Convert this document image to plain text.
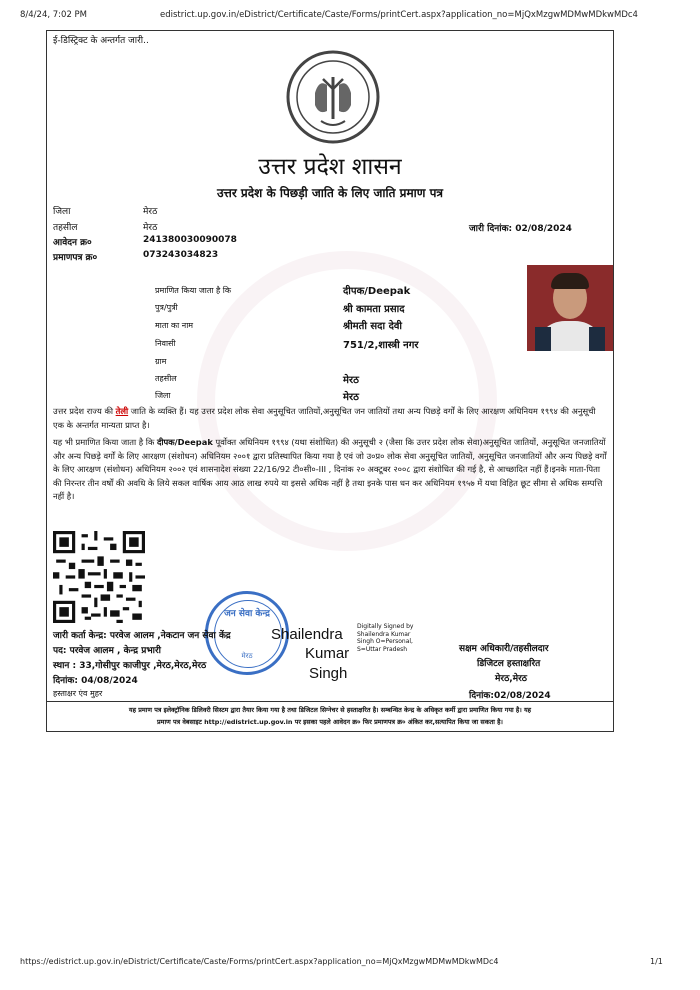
8/4/24, 7:02 PM	edistrict.up.gov.in/eDistrict/Certificate/Caste/Forms/printCert.aspx?application_no=MjQxMzgwMDMwMDkwMDc4
ई-डिस्ट्रिक्ट के अन्तर्गत जारी..
उत्तर प्रदेश शासन
उत्तर प्रदेश के पिछड़ी जाति के लिए जाति प्रमाण पत्र
जिला	मेरठ
तहसील	मेरठ
आवेदन क्र०	241380030090078
प्रमाणपत्र क्र०	073243034823
जारी दिनांक: 02/08/2024
प्रमाणित किया जाता है कि	दीपक/Deepak
पुत्र/पुत्री	श्री कामता प्रसाद
माता का नाम	श्रीमती सदा देवी
निवासी	751/2,शास्त्री नगर
ग्राम
तहसील	मेरठ
जिला	मेरठ
उत्तर प्रदेश राज्य की तेली जाति के व्यक्ति हैं। यह उत्तर प्रदेश लोक सेवा अनुसूचित जातियों,अनुसूचित जन जातियों तथा अन्य पिछड़े वर्गों के लिए आरक्षण अधिनियम १९९४ की अनुसूची एक के अन्तर्गत मान्यता प्राप्त है।
यह भी प्रमाणित किया जाता है कि दीपक/Deepak पूर्वोक्त अधिनियम १९९४ (यथा संशोधित) की अनुसूची २ (जैसा कि उत्तर प्रदेश लोक सेवा)अनुसूचित जातियों, अनुसूचित जनजातियों और अन्य पिछड़े वर्गों के लिए आरक्षण (संशोधन) अधिनियम २००१ द्वारा प्रतिस्थापित किया गया है एवं जो उ०प्र० लोक सेवा अनुसूचित जातियों, अनुसूचित जनजातियों और अन्य पिछड़े वर्गों के लिए आरक्षण (संशोधन) अधिनियम २००२ एवं शासनादेश संख्या 22/16/92 टी०सी०-III , दिनांक २० अक्टूबर २००८ द्वारा संशोधित की गई है, से आच्छादित नहीं हैं।इनके माता-पिता की निरन्तर तीन वर्षों की अवधि के लिये सकल वार्षिक आय आठ लाख रुपये या इससे अधिक नहीं है तथा इनके पास धन कर अधिनियम १९५७ में यथा विहित छूट सीमा से अधिक सम्पत्ति नहीं है।
जन सेवा केन्द्र
मेरठ
जारी कर्ता केन्द्र: परवेज आलम ,नेकटान जन सेवा केंद्र
पद: परवेज आलम , केन्द्र प्रभारी
स्थान : 33,गोसीपुर काजीपुर ,मेरठ,मेरठ,मेरठ
दिनांक: 04/08/2024
हस्ताक्षर एंव मुहर
Shailendra
Kumar
Singh
Digitally Signed by Shailendra Kumar Singh O=Personal, S=Uttar Pradesh	सक्षम अधिकारी/तहसीलदार
डिजिटल हस्ताक्षरित
मेरठ,मेरठ
दिनांक:02/08/2024
यह प्रमाण पत्र इलेक्ट्रॉनिक डिलिवरी सिस्टम द्वारा तैयार किया गया है तथा डिजिटल सिग्नेचर से हस्ताक्षरित है। सम्बन्धित केन्द्र के अधिकृत कर्मी द्वारा प्रमाणित किया गया है। यह
प्रमाण पत्र वेबसाइट http://edistrict.up.gov.in पर इसका पहले आवेदन क्र० फिर प्रमाणपत्र क्र० अंकित कर,सत्यापित किया जा सकता है।
https://edistrict.up.gov.in/eDistrict/Certificate/Caste/Forms/printCert.aspx?application_no=MjQxMzgwMDMwMDkwMDc4	1/1
